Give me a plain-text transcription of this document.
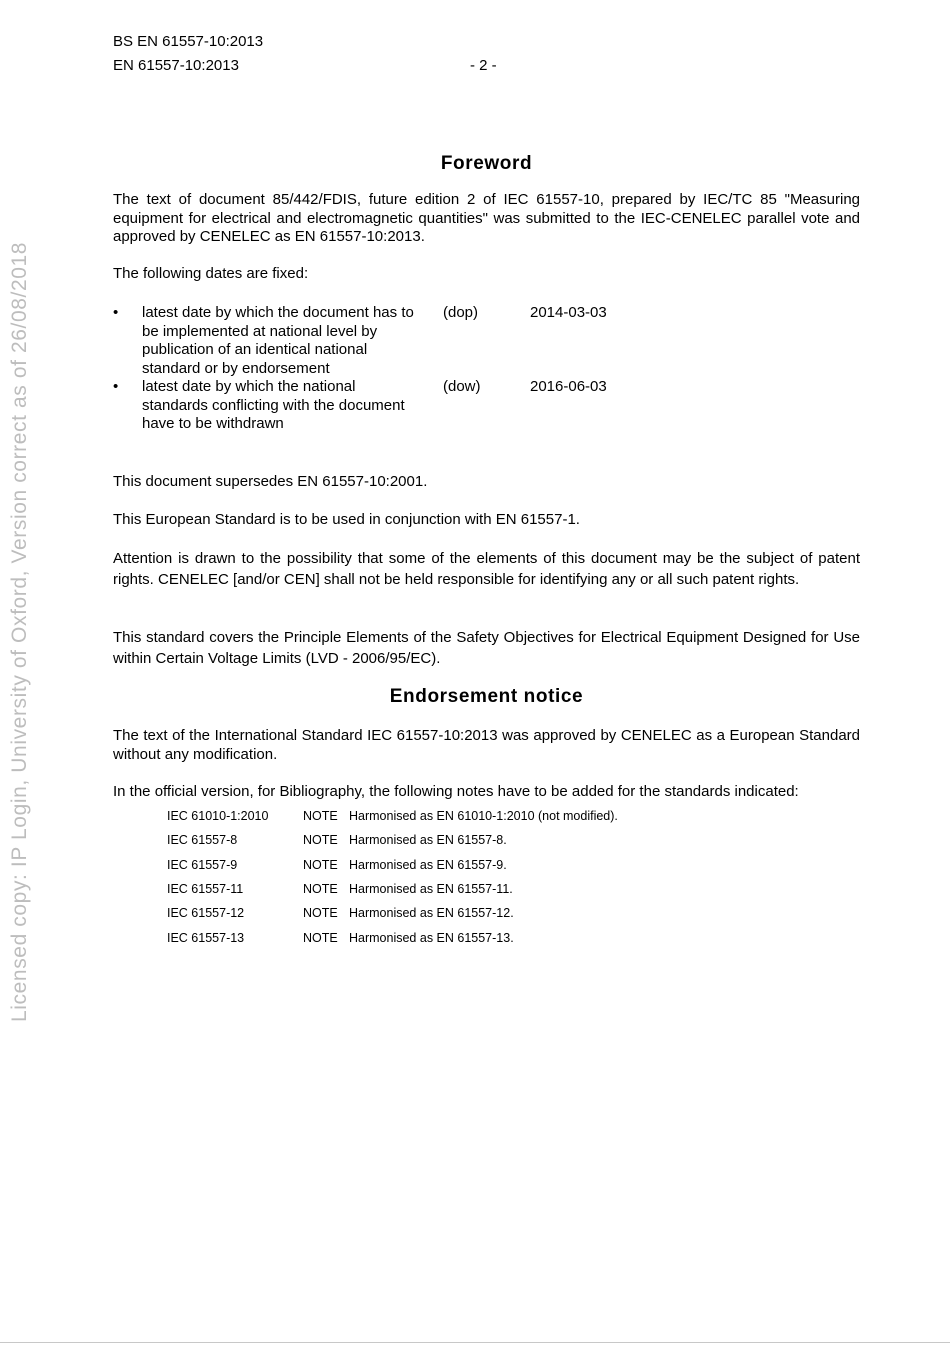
BS EN 61557-10:2013
EN 61557-10:2013	- 2 -
Licensed copy: IP Login, University of Oxford, Version correct as of 26/08/2018
Foreword

The text of document 85/442/FDIS, future edition 2 of IEC 61557-10, prepared by IEC/TC 85 "Measuring equipment for electrical and electromagnetic quantities" was submitted to the IEC-CENELEC parallel vote and approved by CENELEC as EN 61557-10:2013.

The following dates are fixed:

• latest date by which the document has to be implemented at national level by publication of an identical national standard or by endorsement
(dop)	2014-03-03
• latest date by which the national standards conflicting with the document have to be withdrawn
(dow)	2016-06-03

This document supersedes EN 61557-10:2001.

This European Standard is to be used in conjunction with EN 61557-1.

Attention is drawn to the possibility that some of the elements of this document may be the subject of patent rights. CENELEC [and/or CEN] shall not be held responsible for identifying any or all such patent rights.

This standard covers the Principle Elements of the Safety Objectives for Electrical Equipment Designed for Use within Certain Voltage Limits (LVD - 2006/95/EC).

Endorsement notice

The text of the International Standard IEC 61557-10:2013 was approved by CENELEC as a European Standard without any modification.

In the official version, for Bibliography, the following notes have to be added for the standards indicated:

IEC 61010-1:2010	NOTE Harmonised as EN 61010-1:2010 (not modified).
IEC 61557-8	NOTE Harmonised as EN 61557-8.
IEC 61557-9	NOTE Harmonised as EN 61557-9.
IEC 61557-11	NOTE Harmonised as EN 61557-11.
IEC 61557-12	NOTE Harmonised as EN 61557-12.
IEC 61557-13	NOTE Harmonised as EN 61557-13.
